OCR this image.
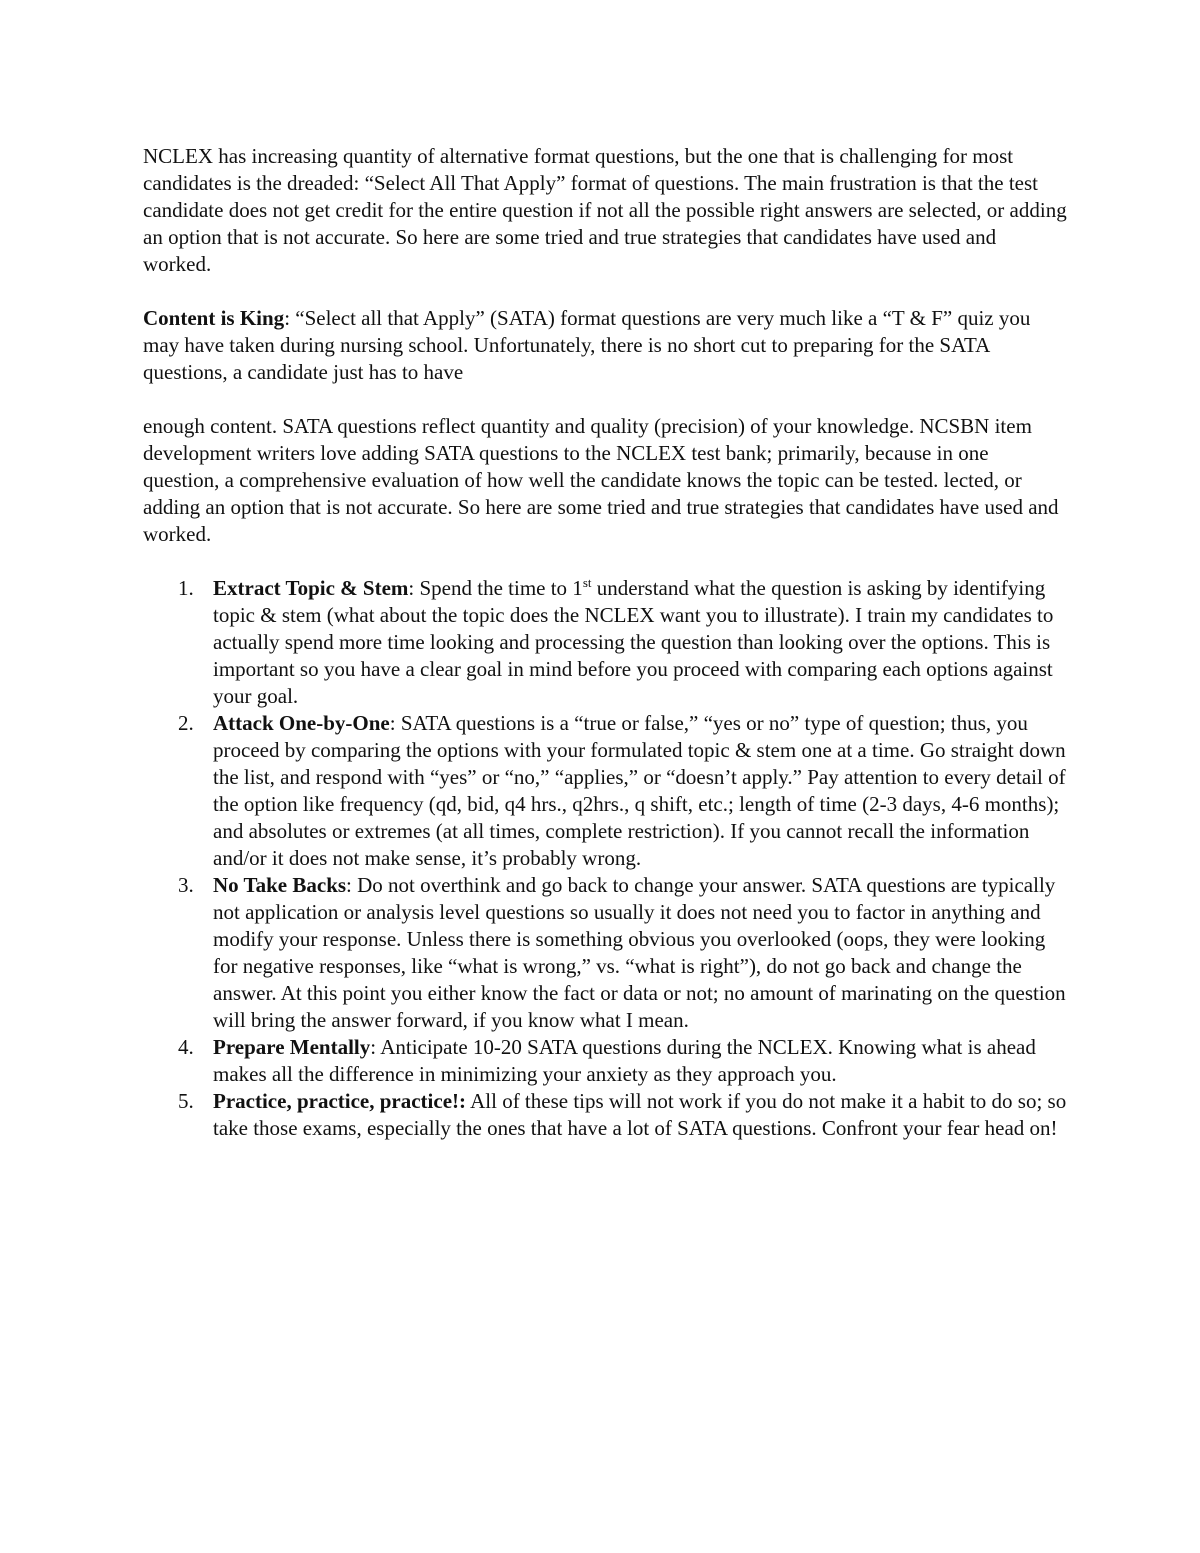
NCLEX has increasing quantity of alternative format questions, but the one that is challenging for most candidates is the dreaded: “Select All That Apply” format of questions. The main frustration is that the test candidate does not get credit for the entire question if not all the possible right answers are selected, or adding an option that is not accurate. So here are some tried and true strategies that candidates have used and worked.

Content is King: “Select all that Apply” (SATA) format questions are very much like a “T & F” quiz you may have taken during nursing school. Unfortunately, there is no short cut to preparing for the SATA questions, a candidate just has to have

enough content. SATA questions reflect quantity and quality (precision) of your knowledge. NCSBN item development writers love adding SATA questions to the NCLEX test bank; primarily, because in one question, a comprehensive evaluation of how well the candidate knows the topic can be tested. lected, or adding an option that is not accurate. So here are some tried and true strategies that candidates have used and worked.

1. Extract Topic & Stem: Spend the time to 1st understand what the question is asking by identifying topic & stem (what about the topic does the NCLEX want you to illustrate). I train my candidates to actually spend more time looking and processing the question than looking over the options. This is important so you have a clear goal in mind before you proceed with comparing each options against your goal.
2. Attack One-by-One: SATA questions is a “true or false,” “yes or no” type of question; thus, you proceed by comparing the options with your formulated topic & stem one at a time. Go straight down the list, and respond with “yes” or “no,” “applies,” or “doesn’t apply.” Pay attention to every detail of the option like frequency (qd, bid, q4 hrs., q2hrs., q shift, etc.; length of time (2-3 days, 4-6 months); and absolutes or extremes (at all times, complete restriction). If you cannot recall the information and/or it does not make sense, it’s probably wrong.
3. No Take Backs: Do not overthink and go back to change your answer. SATA questions are typically not application or analysis level questions so usually it does not need you to factor in anything and modify your response. Unless there is something obvious you overlooked (oops, they were looking for negative responses, like “what is wrong,” vs. “what is right”), do not go back and change the answer. At this point you either know the fact or data or not; no amount of marinating on the question will bring the answer forward, if you know what I mean.
4. Prepare Mentally: Anticipate 10-20 SATA questions during the NCLEX. Knowing what is ahead makes all the difference in minimizing your anxiety as they approach you.
5. Practice, practice, practice!: All of these tips will not work if you do not make it a habit to do so; so take those exams, especially the ones that have a lot of SATA questions. Confront your fear head on!
